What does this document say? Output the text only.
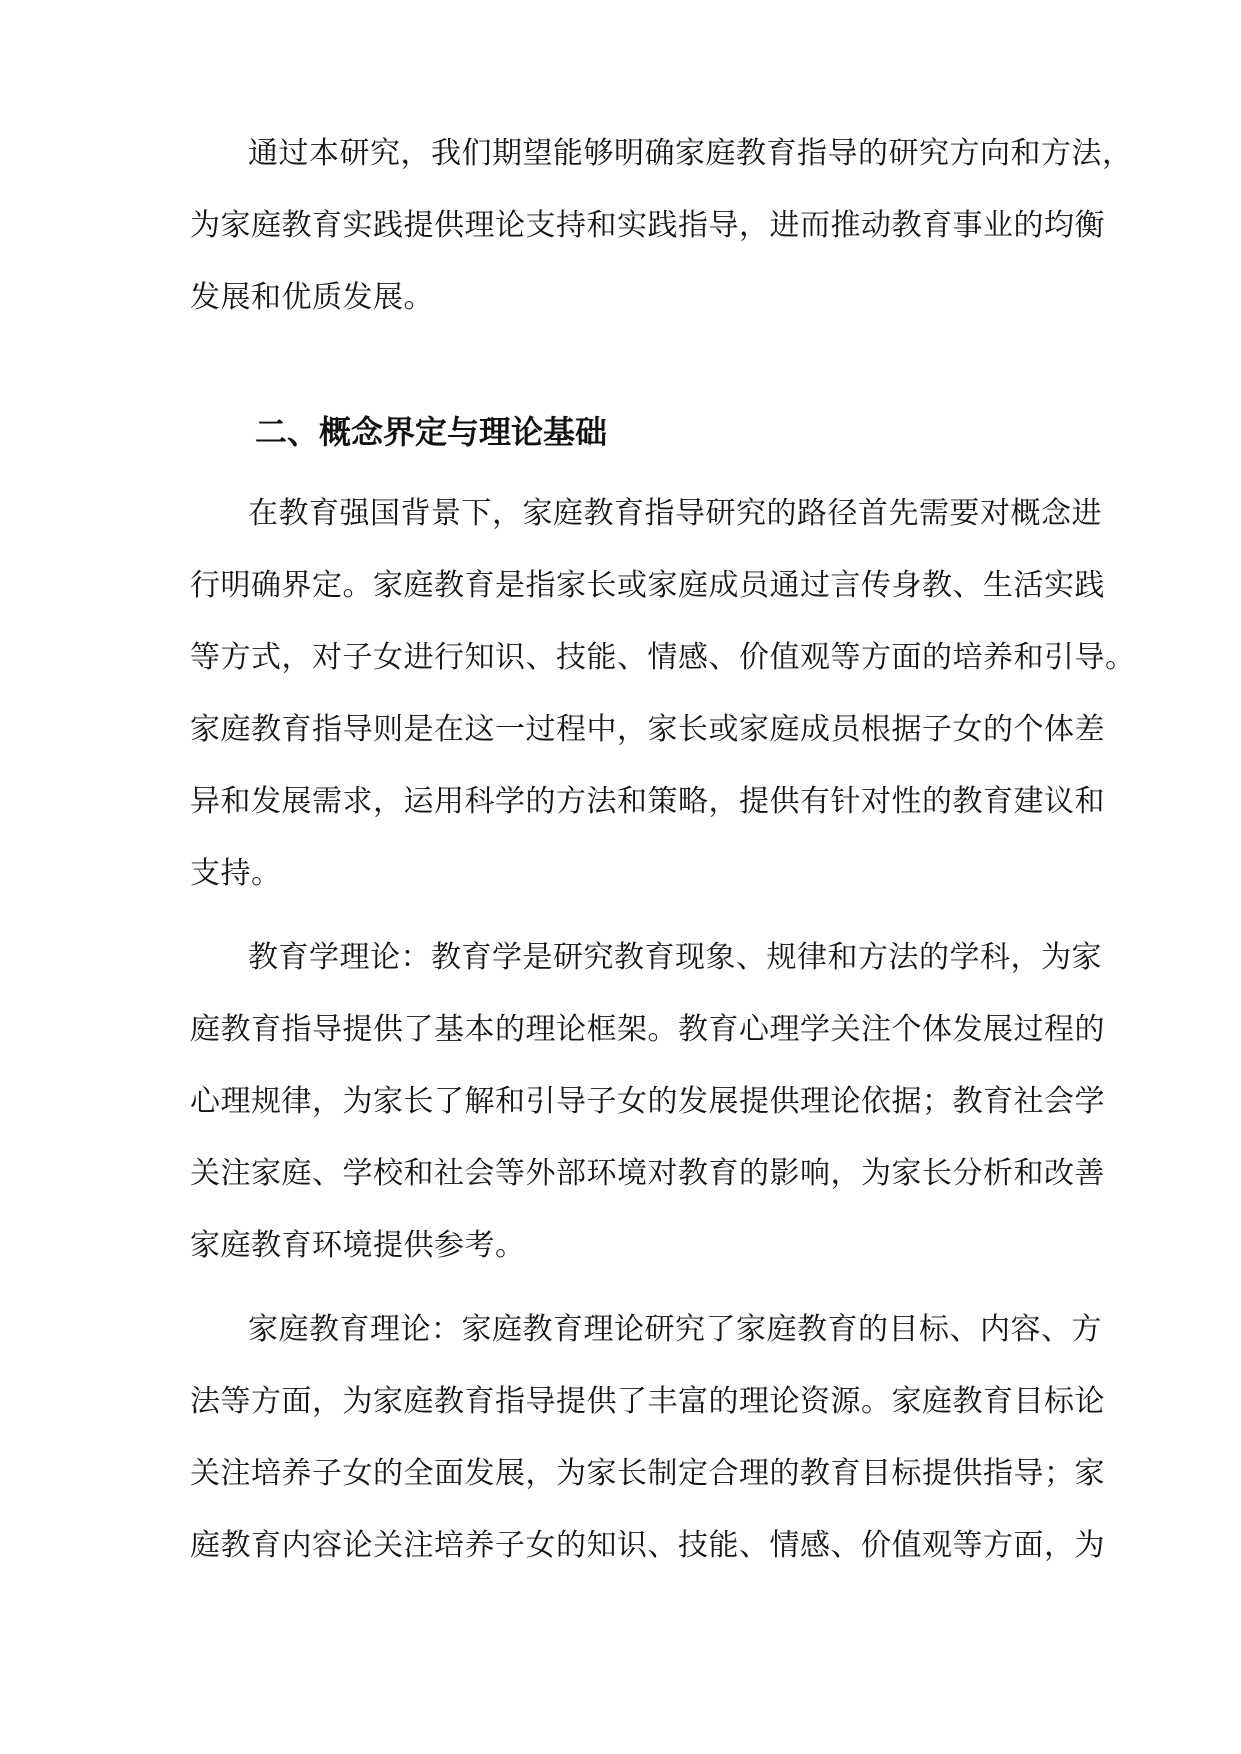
通过本研究，我们期望能够明确家庭教育指导的研究方向和方法，
为家庭教育实践提供理论支持和实践指导，进而推动教育事业的均衡
发展和优质发展。
二、概念界定与理论基础
在教育强国背景下，家庭教育指导研究的路径首先需要对概念进
行明确界定。家庭教育是指家长或家庭成员通过言传身教、生活实践
等方式，对子女进行知识、技能、情感、价值观等方面的培养和引导。
家庭教育指导则是在这一过程中，家长或家庭成员根据子女的个体差
异和发展需求，运用科学的方法和策略，提供有针对性的教育建议和
支持。
教育学理论：教育学是研究教育现象、规律和方法的学科，为家
庭教育指导提供了基本的理论框架。教育心理学关注个体发展过程的
心理规律，为家长了解和引导子女的发展提供理论依据；教育社会学
关注家庭、学校和社会等外部环境对教育的影响，为家长分析和改善
家庭教育环境提供参考。
家庭教育理论：家庭教育理论研究了家庭教育的目标、内容、方
法等方面，为家庭教育指导提供了丰富的理论资源。家庭教育目标论
关注培养子女的全面发展，为家长制定合理的教育目标提供指导；家
庭教育内容论关注培养子女的知识、技能、情感、价值观等方面，为
